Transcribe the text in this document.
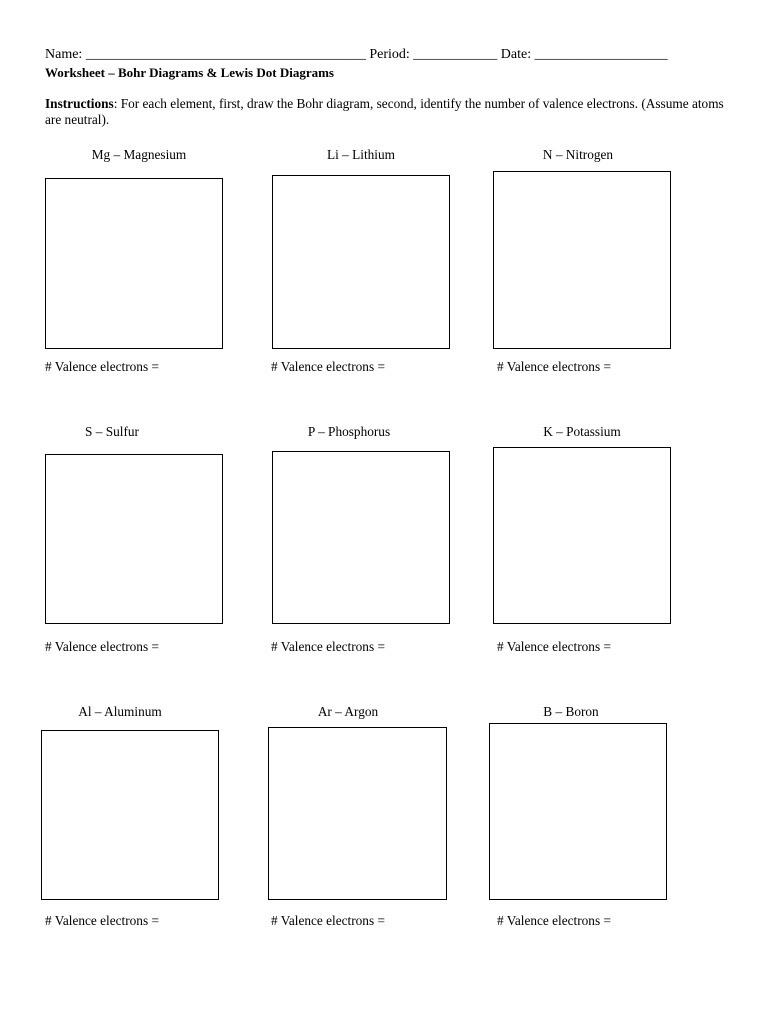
Name: ________________________________________ Period: ____________ Date: ___________________
Worksheet – Bohr Diagrams & Lewis Dot Diagrams
Instructions: For each element, first, draw the Bohr diagram, second, identify the number of valence electrons. (Assume atoms are neutral).
Mg – Magnesium
# Valence electrons =
Li – Lithium
# Valence electrons =
N – Nitrogen
# Valence electrons =
S – Sulfur
# Valence electrons =
P – Phosphorus
# Valence electrons =
K – Potassium
# Valence electrons =
Al – Aluminum
# Valence electrons =
Ar – Argon
# Valence electrons =
B – Boron
# Valence electrons =
